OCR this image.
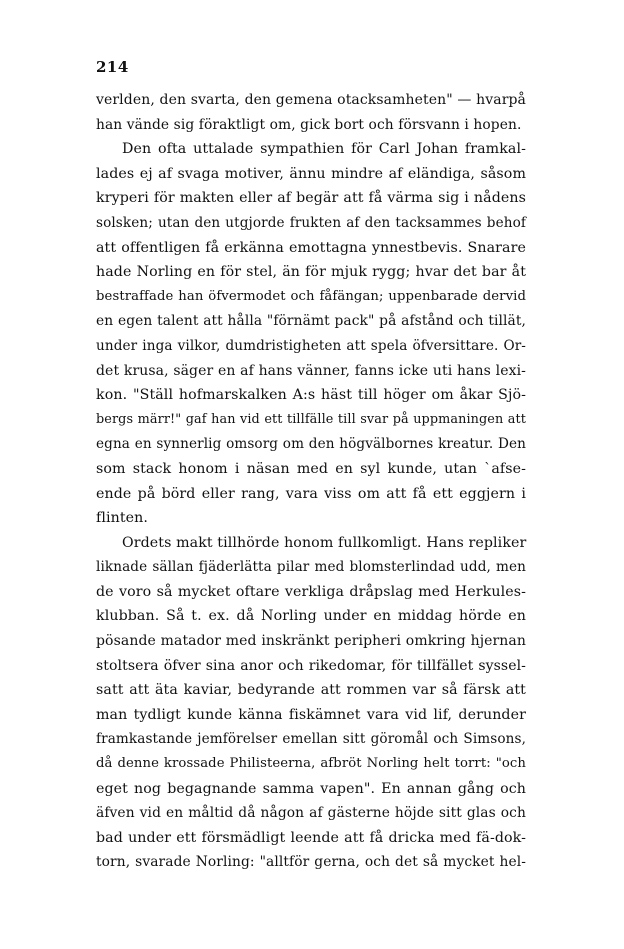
214
verlden, den svarta, den gemena otacksamheten" — hvarpå
han vände sig föraktligt om, gick bort och försvann i hopen.
Den ofta uttalade sympathien för Carl Johan framkal-
lades ej af svaga motiver, ännu mindre af eländiga, såsom
kryperi för makten eller af begär att få värma sig i nådens
solsken; utan den utgjorde frukten af den tacksammes behof
att offentligen få erkänna emottagna ynnestbevis. Snarare
hade Norling en för stel, än för mjuk rygg; hvar det bar åt
bestraffade han öfvermodet och fåfängan; uppenbarade dervid
en egen talent att hålla "förnämt pack" på afstånd och tillät,
under inga vilkor, dumdristigheten att spela öfversittare. Or-
det krusa, säger en af hans vänner, fanns icke uti hans lexi-
kon. "Ställ hofmarskalken A:s häst till höger om åkar Sjö-
bergs märr!" gaf han vid ett tillfälle till svar på uppmaningen att
egna en synnerlig omsorg om den högvälbornes kreatur. Den
som stack honom i näsan med en syl kunde, utan `afse-
ende på börd eller rang, vara viss om att få ett eggjern i
flinten.
Ordets makt tillhörde honom fullkomligt. Hans repliker
liknade sällan fjäderlätta pilar med blomsterlindad udd, men
de voro så mycket oftare verkliga dråpslag med Herkules-
klubban. Så t. ex. då Norling under en middag hörde en
pösande matador med inskränkt peripheri omkring hjernan
stoltsera öfver sina anor och rikedomar, för tillfället syssel-
satt att äta kaviar, bedyrande att rommen var så färsk att
man tydligt kunde känna fiskämnet vara vid lif, derunder
framkastande jemförelser emellan sitt göromål och Simsons,
då denne krossade Philisteerna, afbröt Norling helt torrt: "och
eget nog begagnande samma vapen". En annan gång och
äfven vid en måltid då någon af gästerne höjde sitt glas och
bad under ett försmädligt leende att få dricka med fä-dok-
torn, svarade Norling: "alltför gerna, och det så mycket hel-
